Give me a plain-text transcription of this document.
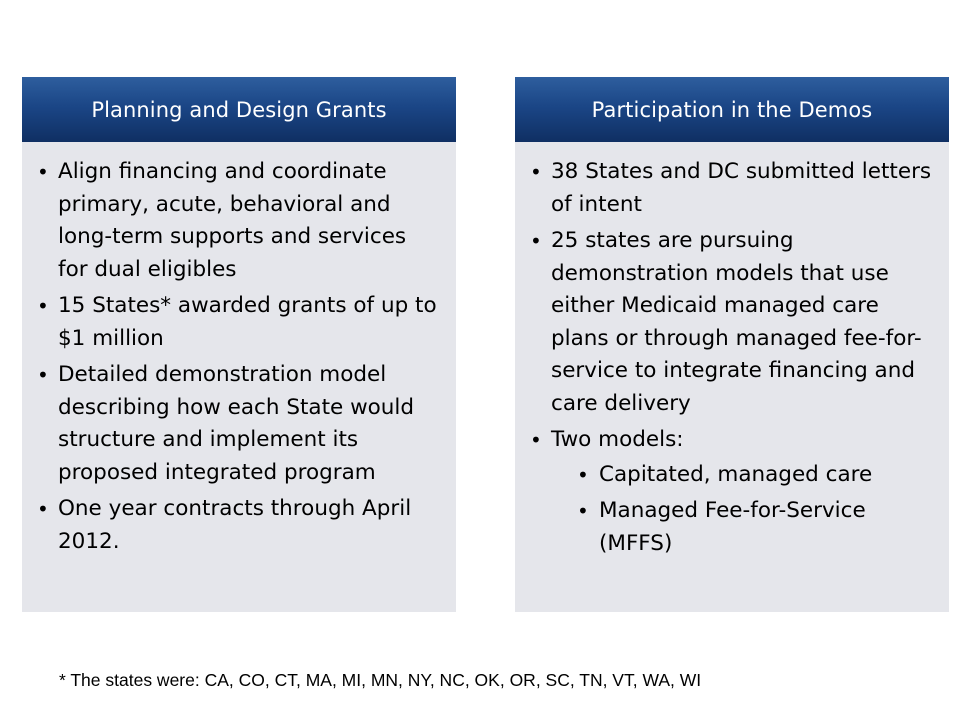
Planning and Design Grants
• Align financing and coordinate primary, acute, behavioral and long-term supports and services for dual eligibles
• 15 States* awarded grants of up to $1 million
• Detailed demonstration model describing how each State would structure and implement its proposed integrated program
• One year contracts through April 2012.
Participation in the Demos
• 38 States and DC submitted letters of intent
• 25 states are pursuing demonstration models that use either Medicaid managed care plans or through managed fee-for-service to integrate financing and care delivery
• Two models:
• Capitated, managed care
• Managed Fee-for-Service (MFFS)
* The states were: CA, CO, CT, MA, MI, MN, NY, NC, OK, OR, SC, TN, VT, WA, WI
